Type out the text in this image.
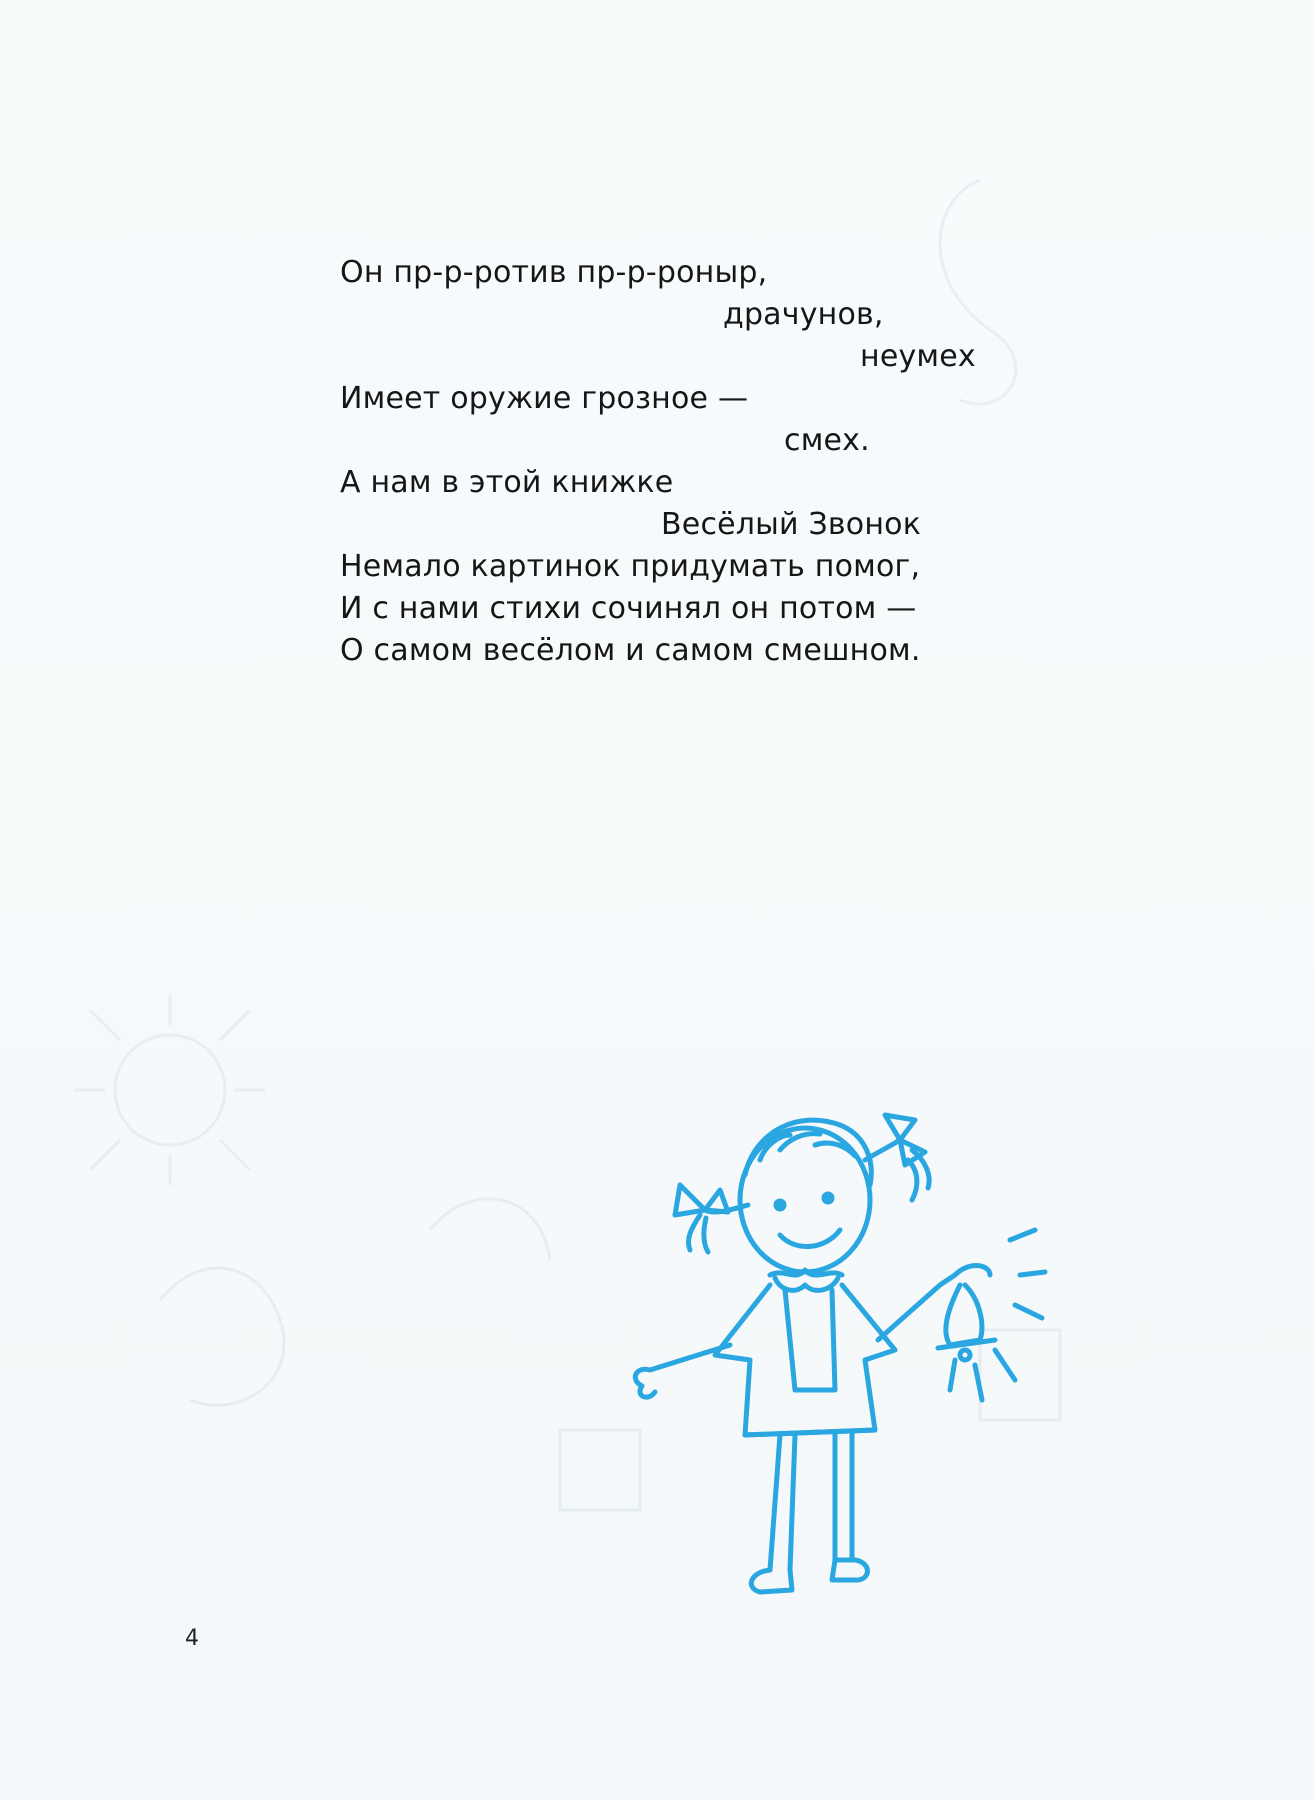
Он пр-р-ротив пр-р-роныр,
драчунов,
неумех
Имеет оружие грозное —
смех.
А нам в этой книжке
Весёлый Звонок
Немало картинок придумать помог,
И с нами стихи сочинял он потом —
О самом весёлом и самом смешном.
4
